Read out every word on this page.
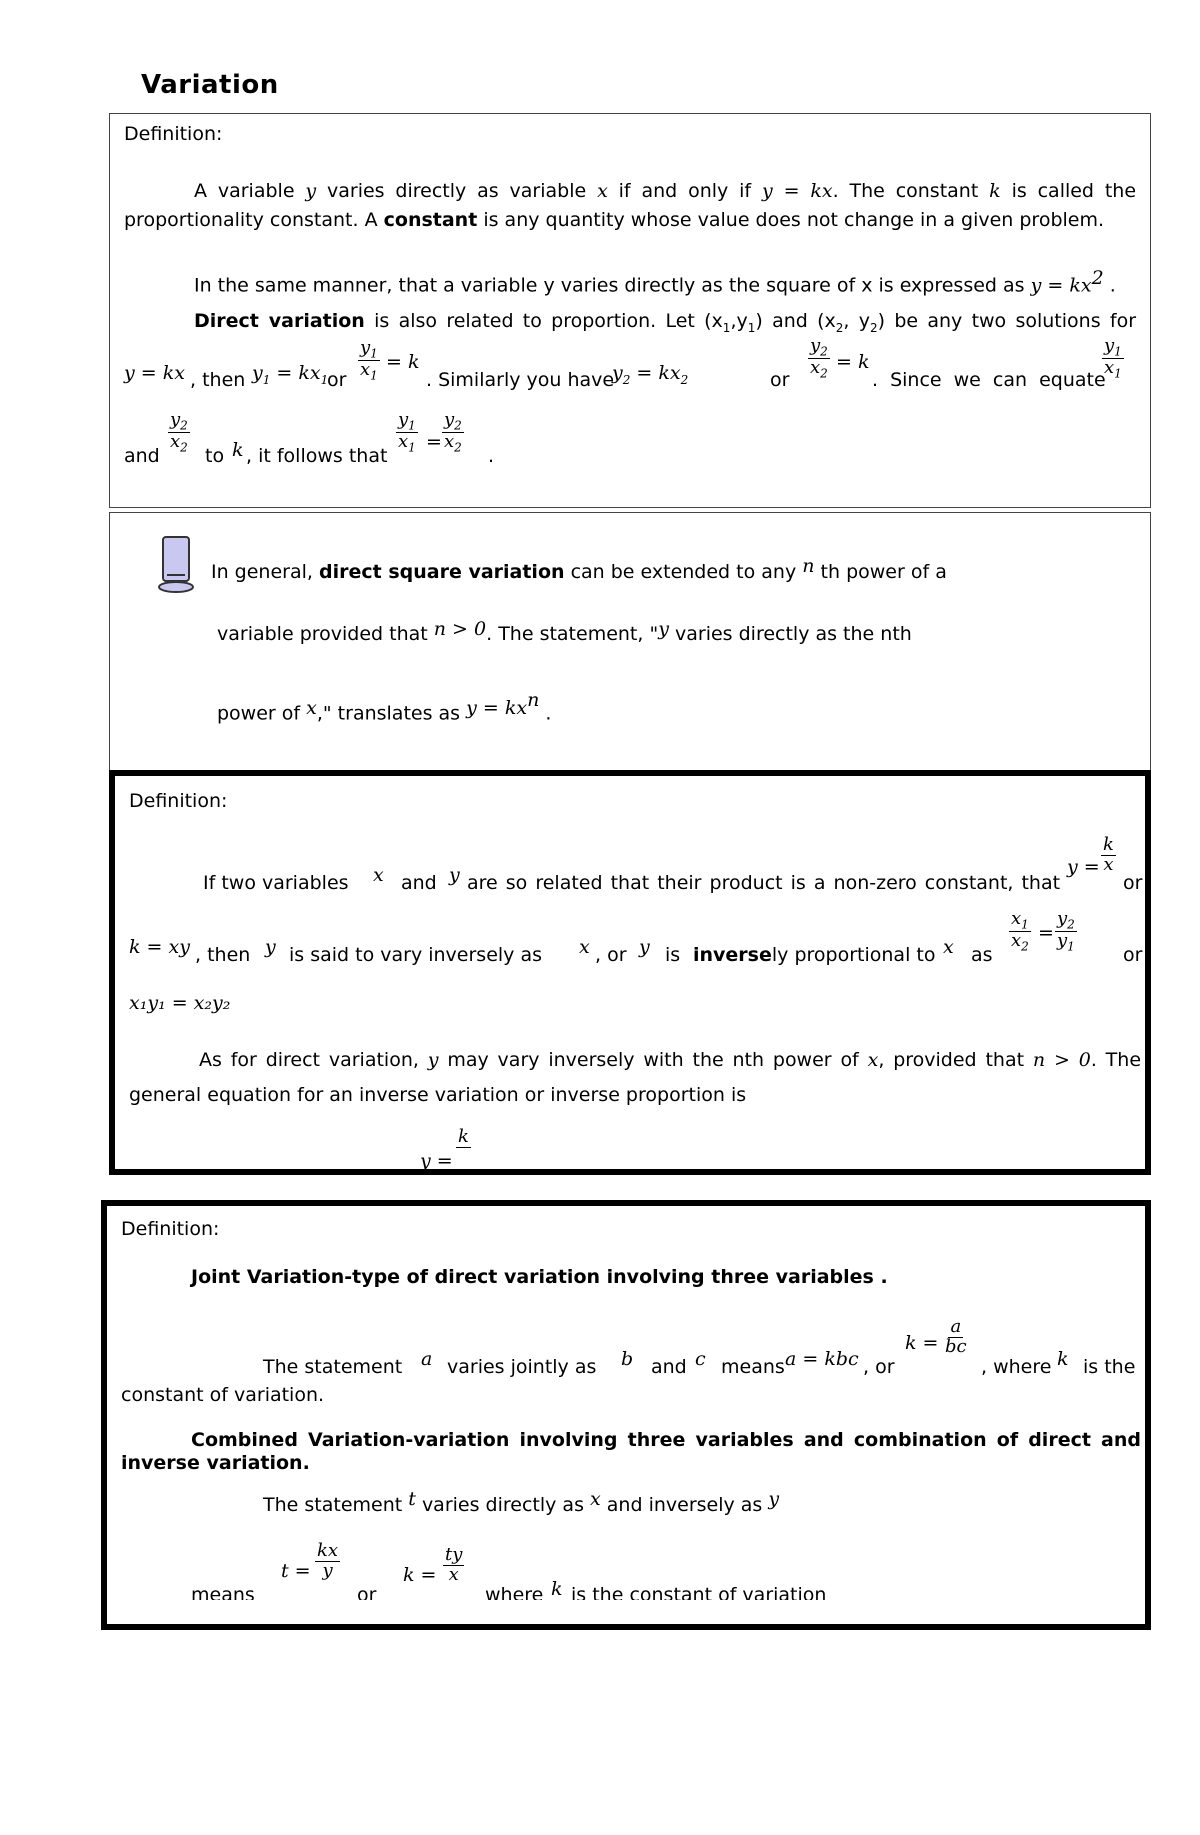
Variation
Definition:
A variable y varies directly as variable x if and only if y = kx. The constant k is called the
proportionality constant. A constant is any quantity whose value does not change in a given problem.
In the same manner, that a variable y varies directly as the square of x is expressed as $y = kx^2$ .
Direct variation is also related to proportion. Let $(x_1,y_1)$ and ($x_2$, $y_2$) be any two solutions for
y = kx , then $y_1 = kx_1$
or $\frac{y_1}{x_1} = k$
. Similarly you have
$y_2 = kx_2$	or $\frac{y_2}{x_2} = k$
. Since we can equate
$\frac{y_1}{x_1}$
and
$\frac{y_2}{x_2}$
to k , it follows that
$\frac{y_1}{x_1} = \frac{y_2}{x_2}$
.
In general, direct square variation can be extended to any n th power of a
variable provided that n > 0. The statement, "y varies directly as the nth
power of x," translates as $y = kx^n$ .
Definition:
If two variables x and y are so related that their product is a non-zero constant, that
$y = \frac{k}{x}$
or
k = xy , then y is said to vary inversely as x , or y is inversely proportional to x as
$\frac{x_1}{x_2} = \frac{y_2}{y_1}$
or
x₁y₁ = x₂y₂
As for direct variation, y may vary inversely with the nth power of x, provided that n > 0. The
general equation for an inverse variation or inverse proportion is
y =
k
Definition:
Joint Variation-type of direct variation involving three variables .
The statement a varies jointly as b and c means a = kbc , or
$k = \frac{a}{bc}$
, where k is the
constant of variation.
Combined Variation-variation involving three variables and combination of direct and
inverse variation.
The statement t varies directly as x and inversely as y
means
$t = \frac{kx}{y}$
or
$k = \frac{ty}{x}$
where k is the constant of variation
